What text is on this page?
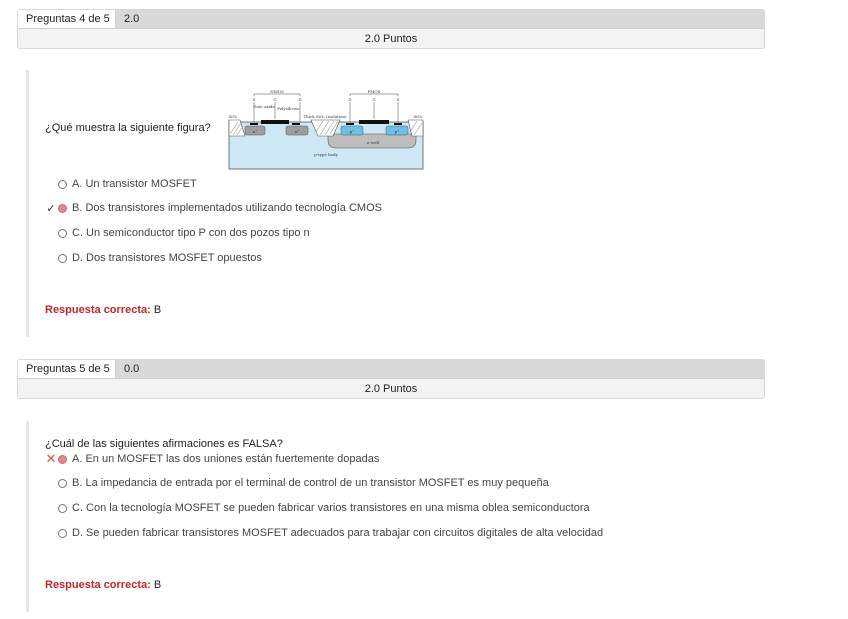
Preguntas 4 de 5	2.0
2.0 Puntos
¿Qué muestra la siguiente figura?
NMOS	PMOS
S	G	D	D	G	S
Gate oxide Polysilicon
SiO₂	Thick SiO₂ (isolation)	SiO₂
n⁺	n⁺	p⁺	p⁺
n well
p-type body
A. Un transistor MOSFET
✓ B. Dos transistores implementados utilizando tecnología CMOS
C. Un semiconductor tipo P con dos pozos tipo n
D. Dos transistores MOSFET opuestos
Respuesta correcta: B
Preguntas 5 de 5	0.0
2.0 Puntos
¿Cuál de las siguientes afirmaciones es FALSA?
✕ A. En un MOSFET las dos uniones están fuertemente dopadas
B. La impedancia de entrada por el terminal de control de un transistor MOSFET es muy pequeña
C. Con la tecnología MOSFET se pueden fabricar varios transistores en una misma oblea semiconductora
D. Se pueden fabricar transistores MOSFET adecuados para trabajar con circuitos digitales de alta velocidad
Respuesta correcta: B
